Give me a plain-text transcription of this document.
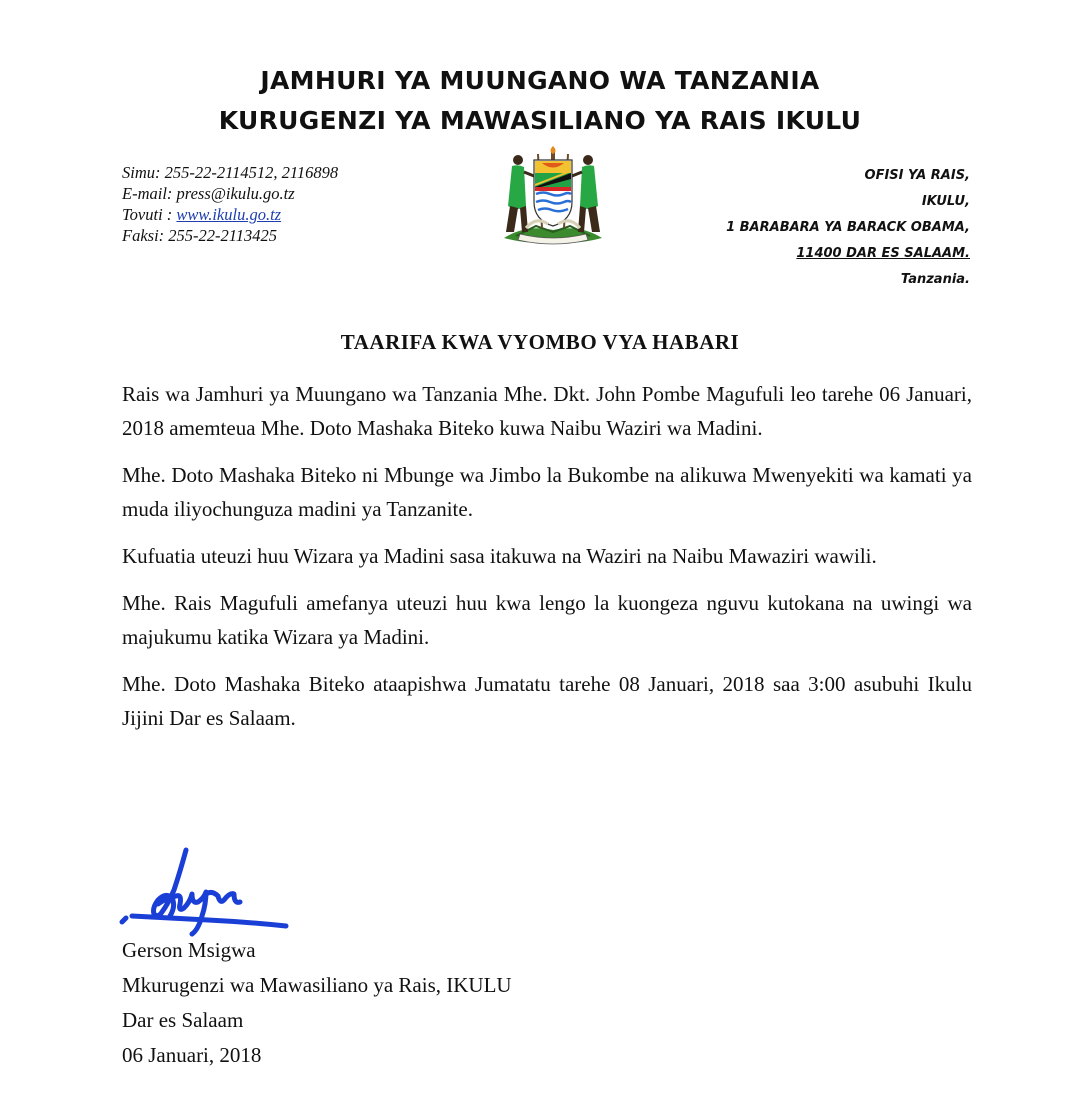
JAMHURI YA MUUNGANO WA TANZANIA
KURUGENZI YA MAWASILIANO YA RAIS IKULU
Simu: 255-22-2114512, 2116898
E-mail: press@ikulu.go.tz
Tovuti : www.ikulu.go.tz
Faksi: 255-22-2113425
OFISI YA RAIS,
IKULU,
1 BARABARA YA BARACK OBAMA,
11400 DAR ES SALAAM.
Tanzania.
TAARIFA KWA VYOMBO VYA HABARI

Rais wa Jamhuri ya Muungano wa Tanzania Mhe. Dkt. John Pombe Magufuli leo tarehe 06 Januari, 2018 amemteua Mhe. Doto Mashaka Biteko kuwa Naibu Waziri wa Madini.

Mhe. Doto Mashaka Biteko ni Mbunge wa Jimbo la Bukombe na alikuwa Mwenyekiti wa kamati ya muda iliyochunguza madini ya Tanzanite.

Kufuatia uteuzi huu Wizara ya Madini sasa itakuwa na Waziri na Naibu Mawaziri wawili.

Mhe. Rais Magufuli amefanya uteuzi huu kwa lengo la kuongeza nguvu kutokana na uwingi wa majukumu katika Wizara ya Madini.

Mhe. Doto Mashaka Biteko ataapishwa Jumatatu tarehe 08 Januari, 2018 saa 3:00 asubuhi Ikulu Jijini Dar es Salaam.

Gerson Msigwa
Mkurugenzi wa Mawasiliano ya Rais, IKULU
Dar es Salaam
06 Januari, 2018
